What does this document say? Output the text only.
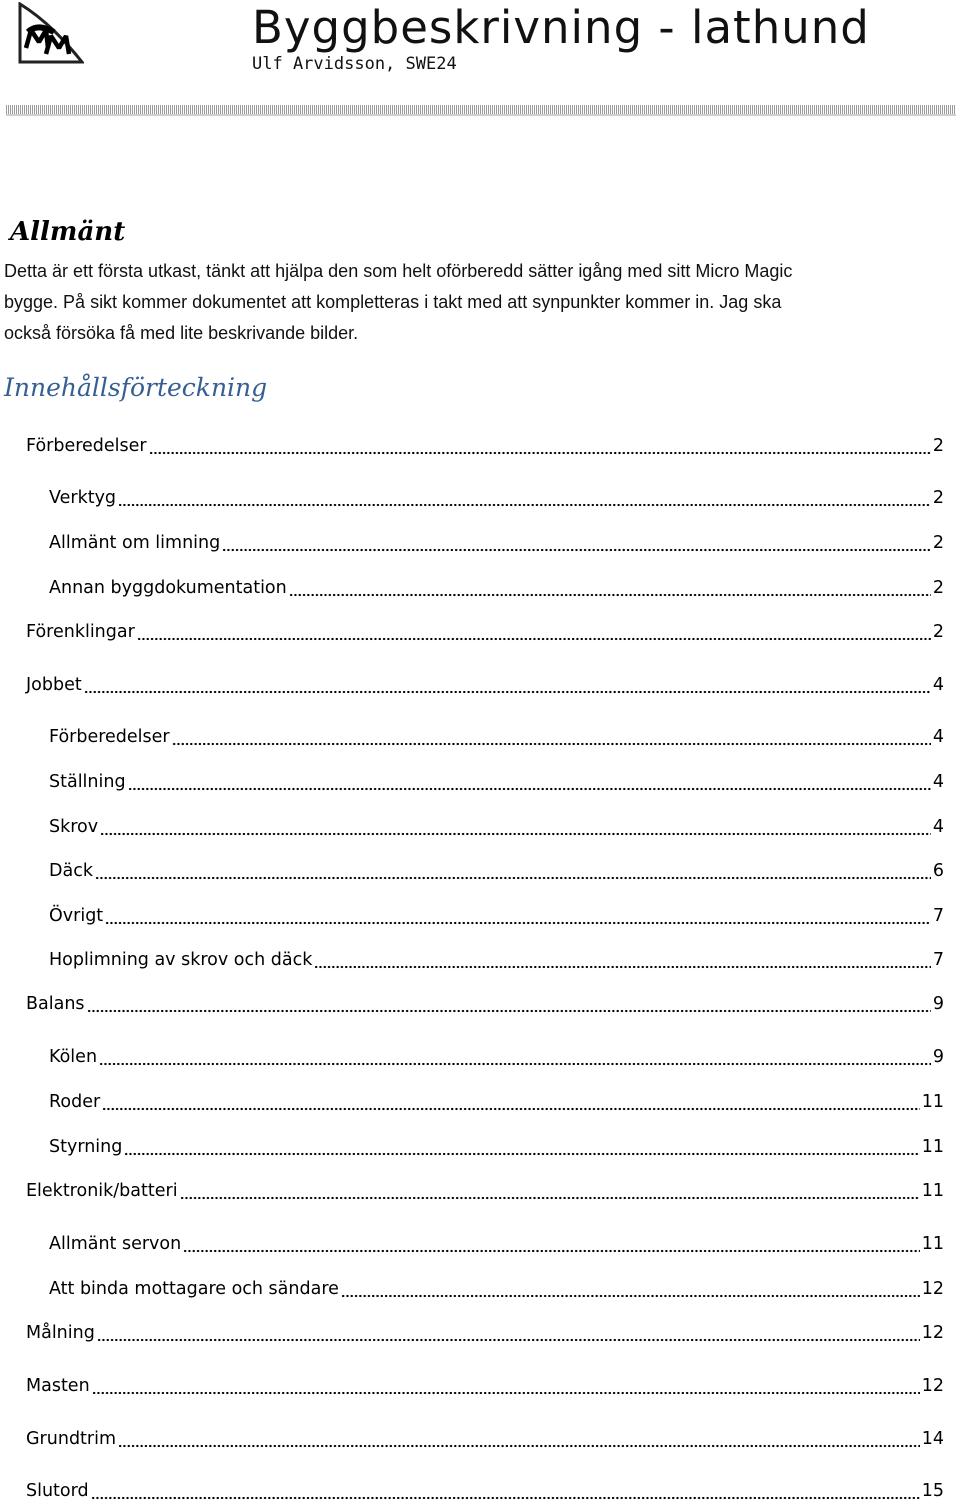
Byggbeskrivning - lathund
Ulf Arvidsson, SWE24
Allmänt
Detta är ett första utkast, tänkt att hjälpa den som helt oförberedd sätter igång med sitt Micro Magic
bygge. På sikt kommer dokumentet att kompletteras i takt med att synpunkter kommer in. Jag ska
också försöka få med lite beskrivande bilder.
Innehållsförteckning
Förberedelser	2
Verktyg	2
Allmänt om limning	2
Annan byggdokumentation	2
Förenklingar	2
Jobbet	4
Förberedelser	4
Ställning	4
Skrov	4
Däck	6
Övrigt	7
Hoplimning av skrov och däck	7
Balans	9
Kölen	9
Roder	11
Styrning	11
Elektronik/batteri	11
Allmänt servon	11
Att binda mottagare och sändare	12
Målning	12
Masten	12
Grundtrim	14
Slutord	15
